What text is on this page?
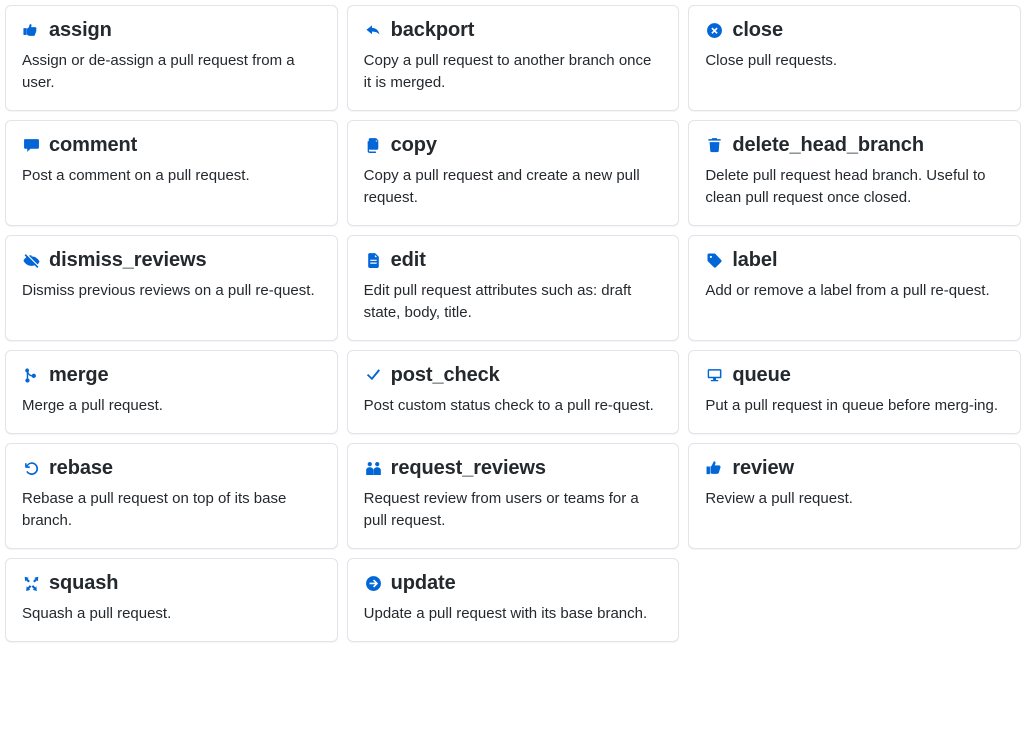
assign
Assign or de-assign a pull request from a user.
backport
Copy a pull request to another branch once it is merged.
close
Close pull requests.
comment
Post a comment on a pull request.
copy
Copy a pull request and create a new pull request.
delete_head_branch
Delete pull request head branch. Useful to clean pull request once closed.
dismiss_reviews
Dismiss previous reviews on a pull re-quest.
edit
Edit pull request attributes such as: draft state, body, title.
label
Add or remove a label from a pull re-quest.
merge
Merge a pull request.
post_check
Post custom status check to a pull re-quest.
queue
Put a pull request in queue before merg-ing.
rebase
Rebase a pull request on top of its base branch.
request_reviews
Request review from users or teams for a pull request.
review
Review a pull request.
squash
Squash a pull request.
update
Update a pull request with its base branch.
